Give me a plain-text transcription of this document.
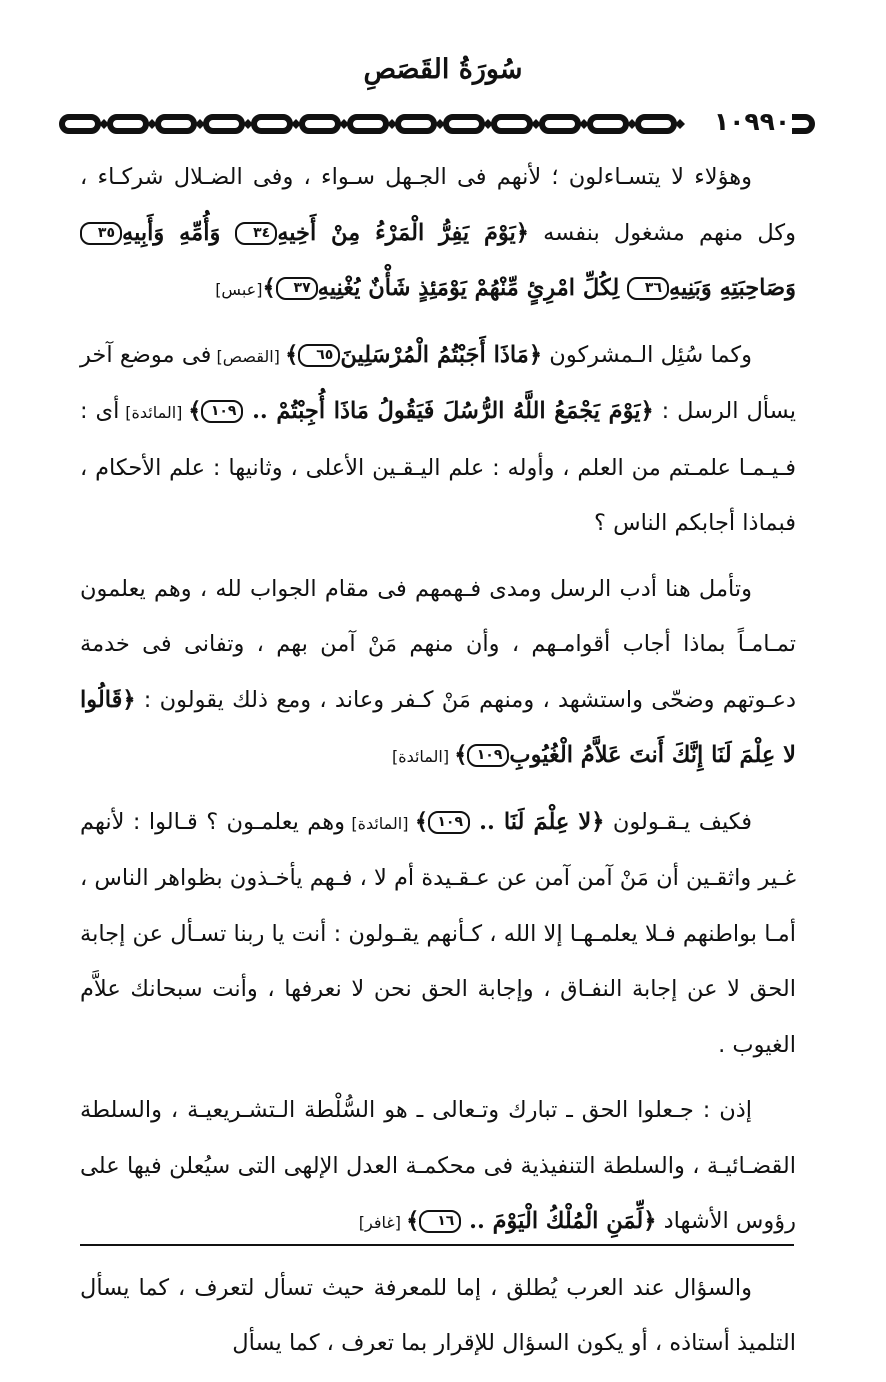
سُورَةُ القَصَصِ
١٠٩٩٠

وهؤلاء لا يتسـاءلون ؛ لأنهم فى الجـهل سـواء ، وفى الضـلال شركـاء ، وكل منهم مشغول بنفسه ﴿يَوْمَ يَفِرُّ الْمَرْءُ مِنْ أَخِيهِ٣٤ وَأُمِّهِ وَأَبِيهِ٣٥ وَصَاحِبَتِهِ وَبَنِيهِ٣٦ لِكُلِّ امْرِئٍ مِّنْهُمْ يَوْمَئِذٍ شَأْنٌ يُغْنِيهِ٣٧﴾[عبس]

وكما سُئِل الـمشركون ﴿مَاذَا أَجَبْتُمُ الْمُرْسَلِينَ٦٥﴾ [القصص] فى موضع آخر يسأل الرسل : ﴿يَوْمَ يَجْمَعُ اللَّهُ الرُّسُلَ فَيَقُولُ مَاذَا أُجِبْتُمْ .. ١٠٩﴾ [المائدة] أى : فـيـمـا علمـتم من العلم ، وأوله : علم اليـقـين الأعلى ، وثانيها : علم الأحكام ، فبماذا أجابكم الناس ؟

وتأمل هنا أدب الرسل ومدى فـهمهم فى مقام الجواب لله ، وهم يعلمون تمـامـاً بماذا أجاب أقوامـهم ، وأن منهم مَنْ آمن بهم ، وتفانى فى خدمة دعـوتهم وضحّى واستشهد ، ومنهم مَنْ كـفر وعاند ، ومع ذلك يقولون : ﴿قَالُوا لا عِلْمَ لَنَا إِنَّكَ أَنتَ عَلاَّمُ الْغُيُوبِ١٠٩﴾ [المائدة]

فكيف يـقـولون ﴿لا عِلْمَ لَنَا .. ١٠٩﴾ [المائدة] وهم يعلمـون ؟ قـالوا : لأنهم غـير واثقـين أن مَنْ آمن آمن عن عـقـيدة أم لا ، فـهم يأخـذون بظواهر الناس ، أمـا بواطنهم فـلا يعلمـهـا إلا الله ، كـأنهم يقـولون : أنت يا ربنا تسـأل عن إجابة الحق لا عن إجابة النفـاق ، وإجابة الحق نحن لا نعرفها ، وأنت سبحانك علاَّم الغيوب .

إذن : جـعلوا الحق ـ تبارك وتـعالى ـ هو السُّلْطة الـتشـريعيـة ، والسلطة القضـائيـة ، والسلطة التنفيذية فى محكمـة العدل الإلهى التى سيُعلن فيها على رؤوس الأشهاد ﴿لِّمَنِ الْمُلْكُ الْيَوْمَ .. ١٦﴾ [غافر]

والسؤال عند العرب يُطلق ، إما للمعرفة حيث تسأل لتعرف ، كما يسأل التلميذ أستاذه ، أو يكون السؤال للإقرار بما تعرف ، كما يسأل
